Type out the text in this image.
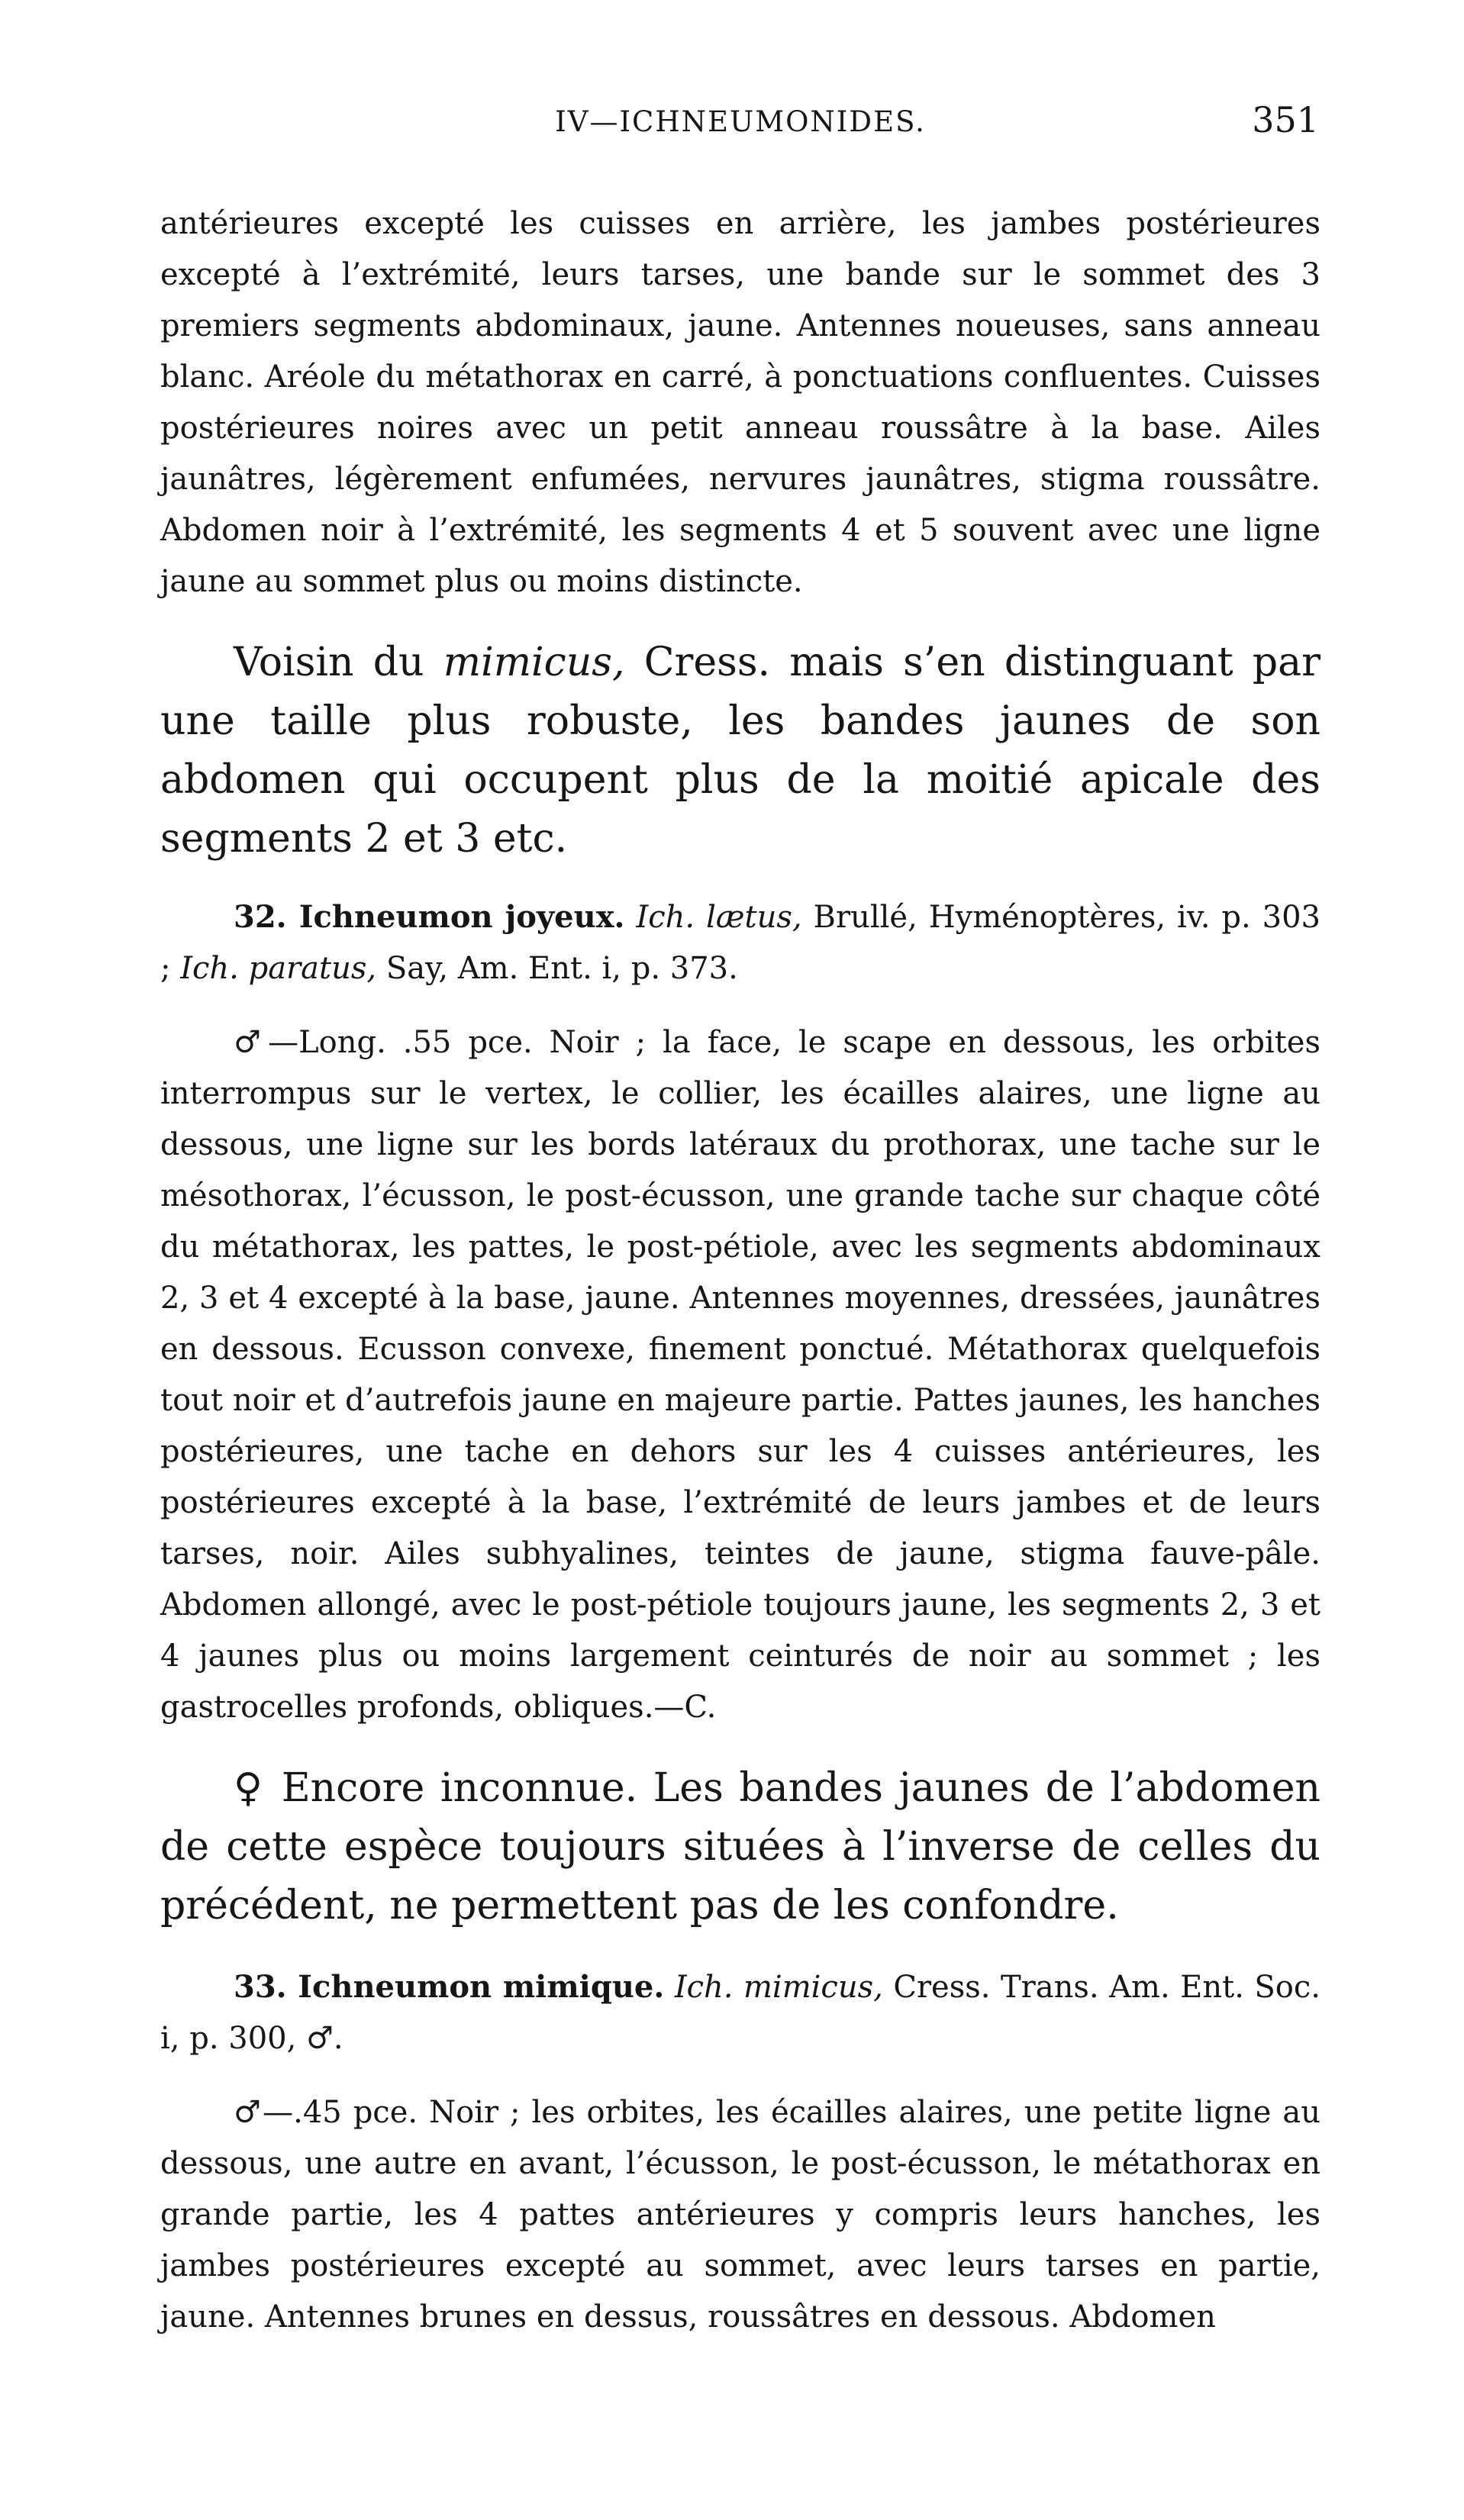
IV—ICHNEUMONIDES.	351

antérieures excepté les cuisses en arrière, les jambes postérieures excepté à l’extrémité, leurs tarses, une bande sur le sommet des 3 premiers segments abdominaux, jaune. Antennes noueuses, sans anneau blanc. Aréole du métathorax en carré, à ponctuations confluentes. Cuisses postérieures noires avec un petit anneau roussâtre à la base. Ailes jaunâtres, légèrement enfumées, nervures jaunâtres, stigma roussâtre. Abdomen noir à l’extrémité, les segments 4 et 5 souvent avec une ligne jaune au sommet plus ou moins distincte.

Voisin du mimicus, Cress. mais s’en distinguant par une taille plus robuste, les bandes jaunes de son abdomen qui occupent plus de la moitié apicale des segments 2 et 3 etc.

32. Ichneumon joyeux. Ich. lætus, Brullé, Hyménoptères, iv. p. 303 ; Ich. paratus, Say, Am. Ent. i, p. 373.

♂—Long. .55 pce. Noir ; la face, le scape en dessous, les orbites interrompus sur le vertex, le collier, les écailles alaires, une ligne au dessous, une ligne sur les bords latéraux du prothorax, une tache sur le mésothorax, l’écusson, le post-écusson, une grande tache sur chaque côté du métathorax, les pattes, le post-pétiole, avec les segments abdominaux 2, 3 et 4 excepté à la base, jaune. Antennes moyennes, dressées, jaunâtres en dessous. Ecusson convexe, finement ponctué. Métathorax quelquefois tout noir et d’autrefois jaune en majeure partie. Pattes jaunes, les hanches postérieures, une tache en dehors sur les 4 cuisses antérieures, les postérieures excepté à la base, l’extrémité de leurs jambes et de leurs tarses, noir. Ailes subhyalines, teintes de jaune, stigma fauve-pâle. Abdomen allongé, avec le post-pétiole toujours jaune, les segments 2, 3 et 4 jaunes plus ou moins largement ceinturés de noir au sommet ; les gastrocelles profonds, obliques.—C.

♀ Encore inconnue. Les bandes jaunes de l’abdomen de cette espèce toujours situées à l’inverse de celles du précédent, ne permettent pas de les confondre.

33. Ichneumon mimique. Ich. mimicus, Cress. Trans. Am. Ent. Soc. i, p. 300, ♂.

♂—.45 pce. Noir ; les orbites, les écailles alaires, une petite ligne au dessous, une autre en avant, l’écusson, le post-écusson, le métathorax en grande partie, les 4 pattes antérieures y compris leurs hanches, les jambes postérieures excepté au sommet, avec leurs tarses en partie, jaune. Antennes brunes en dessus, roussâtres en dessous. Abdomen
